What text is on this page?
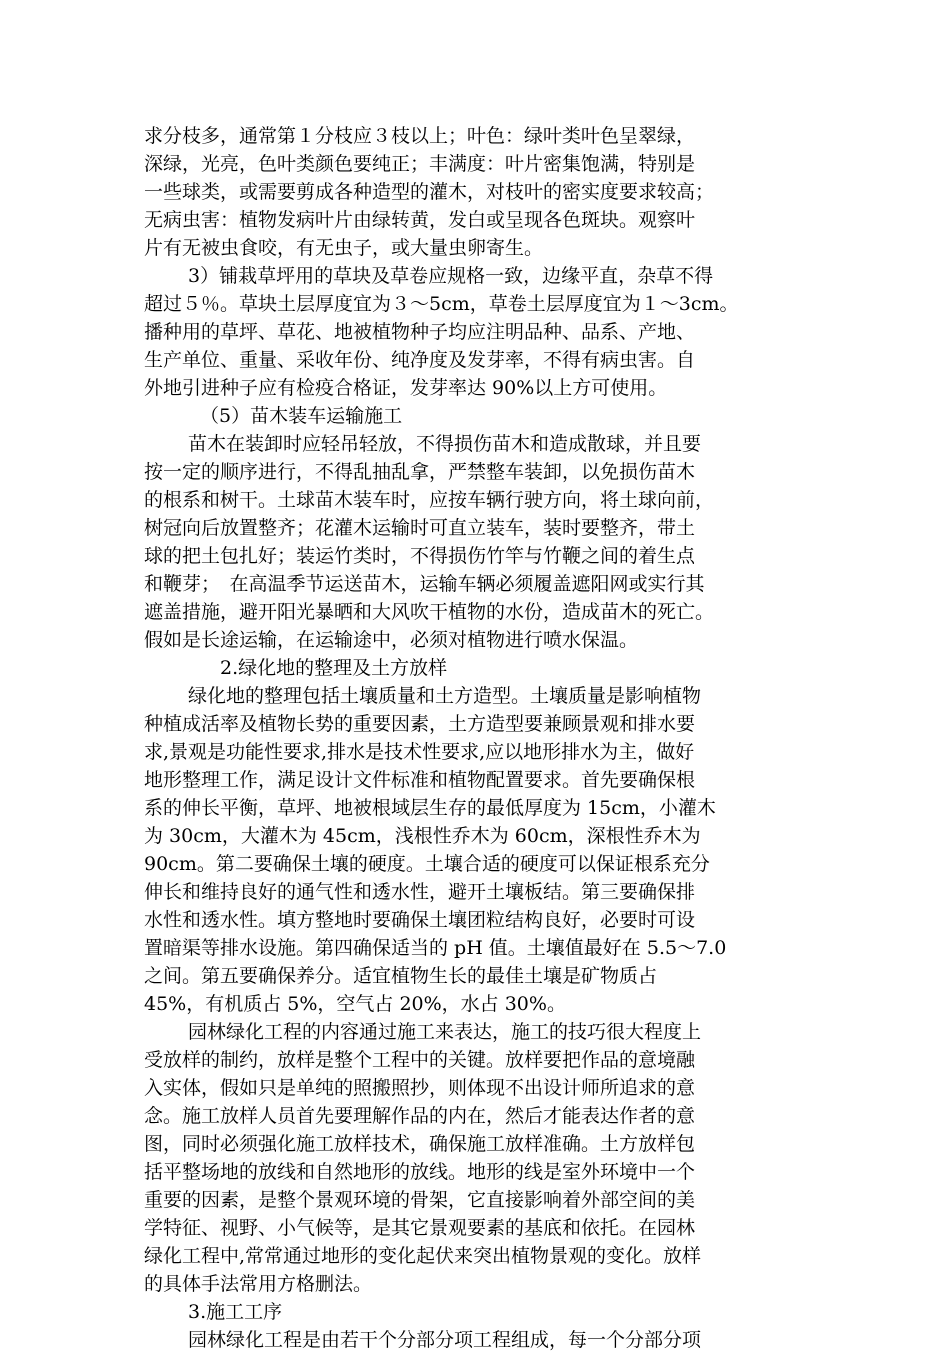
求分枝多，通常第１分枝应３枝以上；叶色：绿叶类叶色呈翠绿，
深绿，光亮，色叶类颜色要纯正；丰满度：叶片密集饱满，特别是
一些球类，或需要剪成各种造型的灌木，对枝叶的密实度要求较高；
无病虫害：植物发病叶片由绿转黄，发白或呈现各色斑块。观察叶
片有无被虫食咬，有无虫子，或大量虫卵寄生。
3）铺栽草坪用的草块及草卷应规格一致，边缘平直，杂草不得
超过５％。草块土层厚度宜为３～5cm，草卷土层厚度宜为１～3cm。
播种用的草坪、草花、地被植物种子均应注明品种、品系、产地、
生产单位、重量、采收年份、纯净度及发芽率，不得有病虫害。自
外地引进种子应有检疫合格证，发芽率达 90%以上方可使用。
（5）苗木装车运输施工
苗木在装卸时应轻吊轻放，不得损伤苗木和造成散球，并且要
按一定的顺序进行，不得乱抽乱拿，严禁整车装卸，以免损伤苗木
的根系和树干。土球苗木装车时，应按车辆行驶方向，将土球向前，
树冠向后放置整齐；花灌木运输时可直立装车，装时要整齐，带土
球的把土包扎好；装运竹类时，不得损伤竹竿与竹鞭之间的着生点
和鞭芽；　在高温季节运送苗木，运输车辆必须履盖遮阳网或实行其
遮盖措施，避开阳光暴晒和大风吹干植物的水份，造成苗木的死亡。
假如是长途运输，在运输途中，必须对植物进行喷水保温。
2.绿化地的整理及土方放样
绿化地的整理包括土壤质量和土方造型。土壤质量是影响植物
种植成活率及植物长势的重要因素，土方造型要兼顾景观和排水要
求,景观是功能性要求,排水是技术性要求,应以地形排水为主，做好
地形整理工作，满足设计文件标准和植物配置要求。首先要确保根
系的伸长平衡，草坪、地被根域层生存的最低厚度为 15cm，小灌木
为 30cm，大灌木为 45cm，浅根性乔木为 60cm，深根性乔木为
90cm。第二要确保土壤的硬度。土壤合适的硬度可以保证根系充分
伸长和维持良好的通气性和透水性，避开土壤板结。第三要确保排
水性和透水性。填方整地时要确保土壤团粒结构良好，必要时可设
置暗渠等排水设施。第四确保适当的 pH 值。土壤值最好在 5.5～7.0
之间。第五要确保养分。适宜植物生长的最佳土壤是矿物质占
45%，有机质占 5%，空气占 20%，水占 30%。
园林绿化工程的内容通过施工来表达，施工的技巧很大程度上
受放样的制约，放样是整个工程中的关键。放样要把作品的意境融
入实体，假如只是单纯的照搬照抄，则体现不出设计师所追求的意
念。施工放样人员首先要理解作品的内在，然后才能表达作者的意
图，同时必须强化施工放样技术，确保施工放样准确。土方放样包
括平整场地的放线和自然地形的放线。地形的线是室外环境中一个
重要的因素，是整个景观环境的骨架，它直接影响着外部空间的美
学特征、视野、小气候等，是其它景观要素的基底和依托。在园林
绿化工程中,常常通过地形的变化起伏来突出植物景观的变化。放样
的具体手法常用方格删法。
3.施工工序
园林绿化工程是由若干个分部分项工程组成，每一个分部分项
